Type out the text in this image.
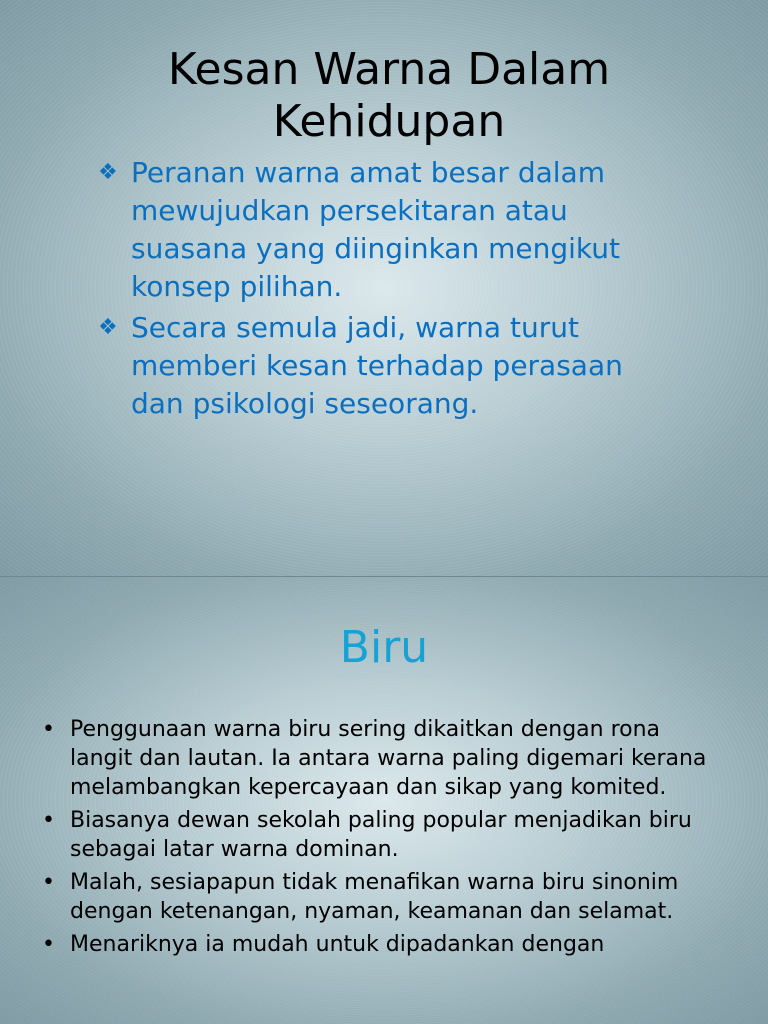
Kesan Warna Dalam
Kehidupan
❖ Peranan warna amat besar dalam mewujudkan persekitaran atau suasana yang diinginkan mengikut konsep pilihan.
❖ Secara semula jadi, warna turut memberi kesan terhadap perasaan dan psikologi seseorang.
Biru
• Penggunaan warna biru sering dikaitkan dengan rona langit dan lautan. Ia antara warna paling digemari kerana melambangkan kepercayaan dan sikap yang komited.
• Biasanya dewan sekolah paling popular menjadikan biru sebagai latar warna dominan.
• Malah, sesiapapun tidak menafikan warna biru sinonim dengan ketenangan, nyaman, keamanan dan selamat.
• Menariknya ia mudah untuk dipadankan dengan
